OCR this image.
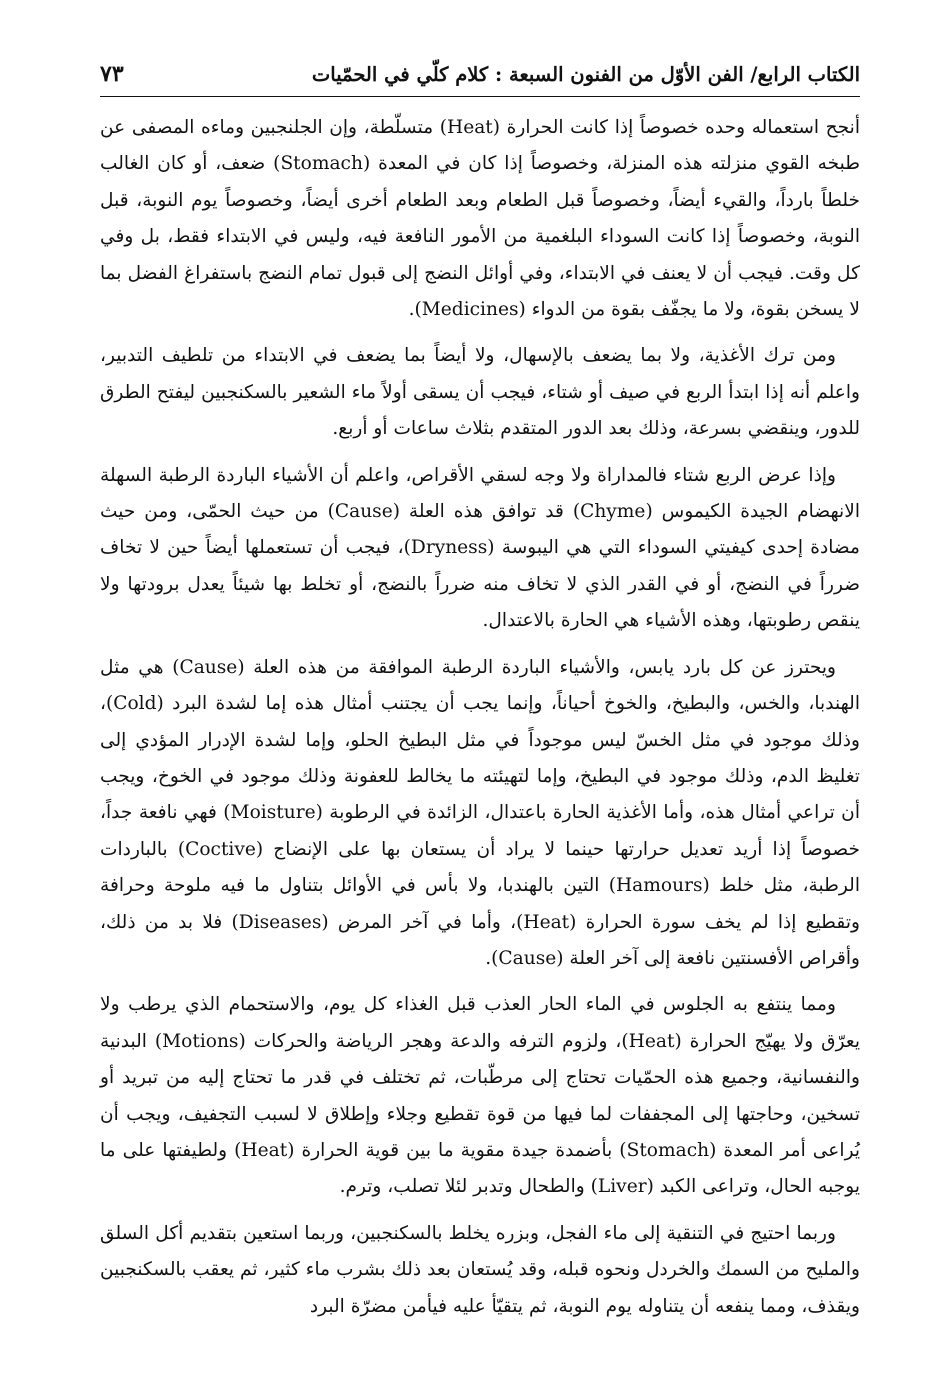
الكتاب الرابع/ الفن الأوّل من الفنون السبعة : كلام كلّي في الحمّيات
٧٣

أنجح استعماله وحده خصوصاً إذا كانت الحرارة (Heat) متسلّطة، وإن الجلنجبين وماءه المصفى عن طبخه القوي منزلته هذه المنزلة، وخصوصاً إذا كان في المعدة (Stomach) ضعف، أو كان الغالب خلطاً بارداً، والقيء أيضاً، وخصوصاً قبل الطعام وبعد الطعام أخرى أيضاً، وخصوصاً يوم النوبة، قبل النوبة، وخصوصاً إذا كانت السوداء البلغمية من الأمور النافعة فيه، وليس في الابتداء فقط، بل وفي كل وقت. فيجب أن لا يعنف في الابتداء، وفي أوائل النضج إلى قبول تمام النضج باستفراغ الفضل بما لا يسخن بقوة، ولا ما يجفّف بقوة من الدواء (Medicines).

ومن ترك الأغذية، ولا بما يضعف بالإسهال، ولا أيضاً بما يضعف في الابتداء من تلطيف التدبير، واعلم أنه إذا ابتدأ الربع في صيف أو شتاء، فيجب أن يسقى أولاً ماء الشعير بالسكنجبين ليفتح الطرق للدور، وينقضي بسرعة، وذلك بعد الدور المتقدم بثلاث ساعات أو أربع.

وإذا عرض الربع شتاء فالمداراة ولا وجه لسقي الأقراص، واعلم أن الأشياء الباردة الرطبة السهلة الانهضام الجيدة الكيموس (Chyme) قد توافق هذه العلة (Cause) من حيث الحمّى، ومن حيث مضادة إحدى كيفيتي السوداء التي هي اليبوسة (Dryness)، فيجب أن تستعملها أيضاً حين لا تخاف ضرراً في النضج، أو في القدر الذي لا تخاف منه ضرراً بالنضج، أو تخلط بها شيئاً يعدل برودتها ولا ينقص رطوبتها، وهذه الأشياء هي الحارة بالاعتدال.

ويحترز عن كل بارد يابس، والأشياء الباردة الرطبة الموافقة من هذه العلة (Cause) هي مثل الهندبا، والخس، والبطيخ، والخوخ أحياناً، وإنما يجب أن يجتنب أمثال هذه إما لشدة البرد (Cold)، وذلك موجود في مثل الخسّ ليس موجوداً في مثل البطيخ الحلو، وإما لشدة الإدرار المؤدي إلى تغليظ الدم، وذلك موجود في البطيخ، وإما لتهيئته ما يخالط للعفونة وذلك موجود في الخوخ، ويجب أن تراعي أمثال هذه، وأما الأغذية الحارة باعتدال، الزائدة في الرطوبة (Moisture) فهي نافعة جداً، خصوصاً إذا أريد تعديل حرارتها حينما لا يراد أن يستعان بها على الإنضاج (Coctive) بالباردات الرطبة، مثل خلط (Hamours) التين بالهندبا، ولا بأس في الأوائل بتناول ما فيه ملوحة وحرافة وتقطيع إذا لم يخف سورة الحرارة (Heat)، وأما في آخر المرض (Diseases) فلا بد من ذلك، وأقراص الأفسنتين نافعة إلى آخر العلة (Cause).

ومما ينتفع به الجلوس في الماء الحار العذب قبل الغذاء كل يوم، والاستحمام الذي يرطب ولا يعرّق ولا يهيّج الحرارة (Heat)، ولزوم الترفه والدعة وهجر الرياضة والحركات (Motions) البدنية والنفسانية، وجميع هذه الحمّيات تحتاج إلى مرطّبات، ثم تختلف في قدر ما تحتاج إليه من تبريد أو تسخين، وحاجتها إلى المجففات لما فيها من قوة تقطيع وجلاء وإطلاق لا لسبب التجفيف، ويجب أن يُراعى أمر المعدة (Stomach) بأضمدة جيدة مقوية ما بين قوية الحرارة (Heat) ولطيفتها على ما يوجبه الحال، وتراعى الكبد (Liver) والطحال وتدبر لئلا تصلب، وترم.

وربما احتيج في التنقية إلى ماء الفجل، وبزره يخلط بالسكنجبين، وربما استعين بتقديم أكل السلق والمليح من السمك والخردل ونحوه قبله، وقد يُستعان بعد ذلك بشرب ماء كثير، ثم يعقب بالسكنجبين ويقذف، ومما ينفعه أن يتناوله يوم النوبة، ثم يتقيّأ عليه فيأمن مضرّة البرد
